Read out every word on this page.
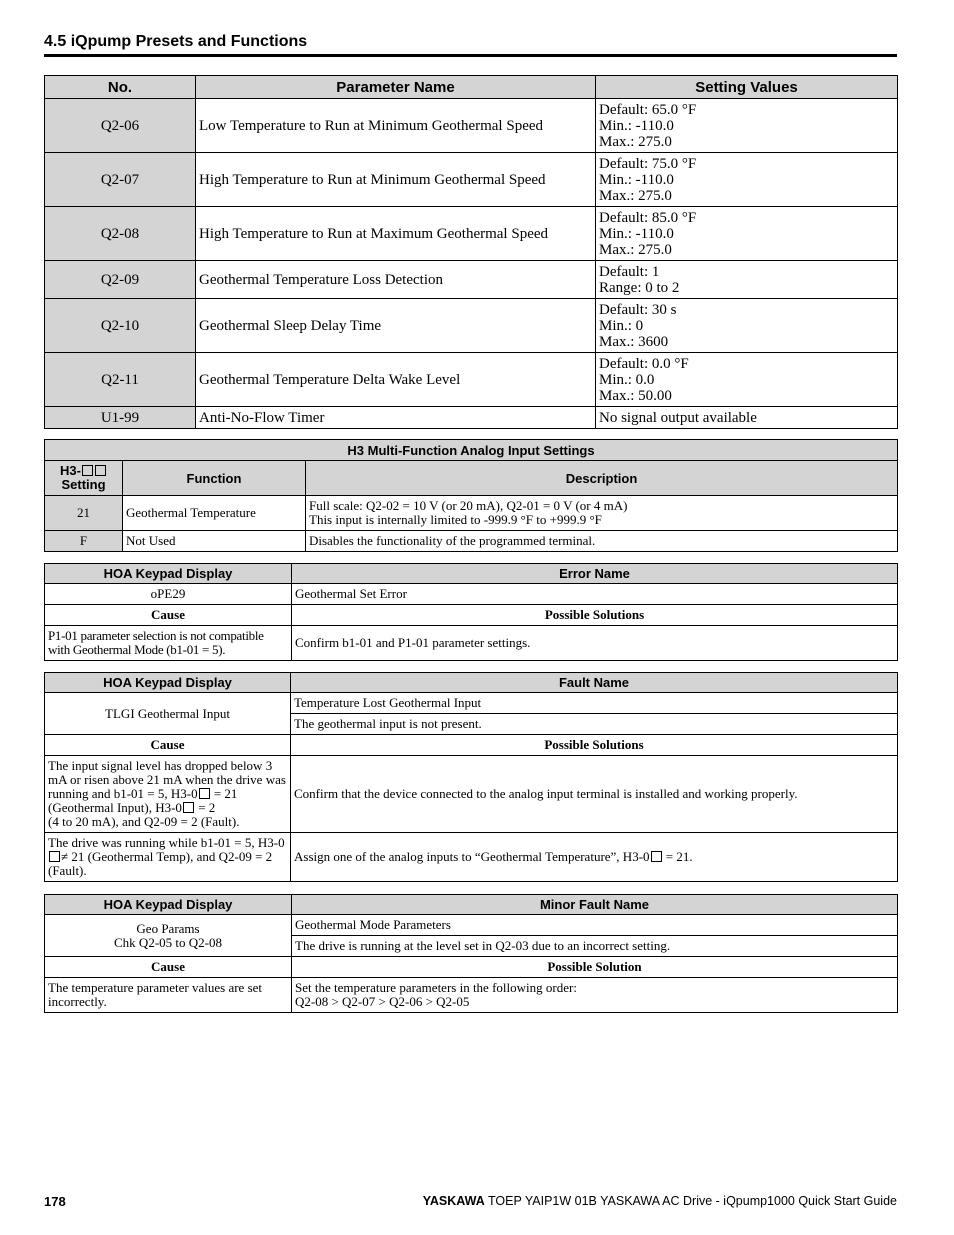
4.5 iQpump Presets and Functions
No.	Parameter Name	Setting Values
Q2-06	Low Temperature to Run at Minimum Geothermal Speed	Default: 65.0 °F
Min.: -110.0
Max.: 275.0
Q2-07	High Temperature to Run at Minimum Geothermal Speed	Default: 75.0 °F
Min.: -110.0
Max.: 275.0
Q2-08	High Temperature to Run at Maximum Geothermal Speed	Default: 85.0 °F
Min.: -110.0
Max.: 275.0
Q2-09	Geothermal Temperature Loss Detection	Default: 1
Range: 0 to 2
Q2-10	Geothermal Sleep Delay Time	Default: 30 s
Min.: 0
Max.: 3600
Q2-11	Geothermal Temperature Delta Wake Level	Default: 0.0 °F
Min.: 0.0
Max.: 50.00
U1-99	Anti-No-Flow Timer	No signal output available
H3 Multi-Function Analog Input Settings		
H3-
Setting	Function	Description
21	Geothermal Temperature	Full scale: Q2-02 = 10 V (or 20 mA), Q2-01 = 0 V (or 4 mA)
This input is internally limited to -999.9 °F to +999.9 °F
F	Not Used	Disables the functionality of the programmed terminal.
HOA Keypad Display	Error Name
oPE29	Geothermal Set Error
Cause	Possible Solutions
P1-01 parameter selection is not compatible with Geothermal Mode (b1-01 = 5).	Confirm b1-01 and P1-01 parameter settings.
HOA Keypad Display	Fault Name
TLGI Geothermal Input	Temperature Lost Geothermal Input
	The geothermal input is not present.
Cause	Possible Solutions
The input signal level has dropped below 3 mA or risen above 21 mA when the drive was running and b1-01 = 5, H3-0 = 21 (Geothermal Input), H3-0 = 2
(4 to 20 mA), and Q2-09 = 2 (Fault).	Confirm that the device connected to the analog input terminal is installed and working properly.
The drive was running while b1-01 = 5, H3-0≠ 21 (Geothermal Temp), and Q2-09 = 2 (Fault).	Assign one of the analog inputs to “Geothermal Temperature”, H3-0 = 21.
HOA Keypad Display	Minor Fault Name
Geo Params
Chk Q2-05 to Q2-08	Geothermal Mode Parameters
	The drive is running at the level set in Q2-03 due to an incorrect setting.
Cause	Possible Solution
The temperature parameter values are set incorrectly.	Set the temperature parameters in the following order:
Q2-08 > Q2-07 > Q2-06 > Q2-05
178	YASKAWA TOEP YAIP1W 01B YASKAWA AC Drive - iQpump1000 Quick Start Guide
